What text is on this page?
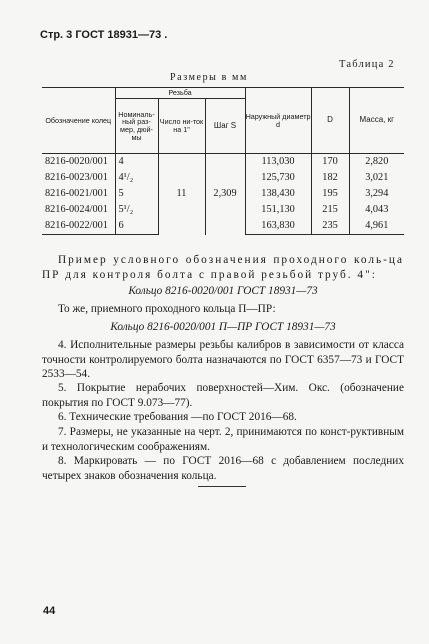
Стр. 3 ГОСТ 18931—73 .
Таблица 2
Размеры в мм
Обозначение колец	Резьба			Наружный диаметр d	D	Масса, кг
	Номиналь-ный раз-мер, дюй-мы	Число ни-ток на 1"	Шаг S			
8216-0020/001	4	11	2,309	113,030	170	2,820
8216-0023/001	4¹/₂			125,730	182	3,021
8216-0021/001	5			138,430	195	3,294
8216-0024/001	5¹/₂			151,130	215	4,043
8216-0022/001	6			163,830	235	4,961
Пример условного обозначения проходного коль-ца ПР для контроля болта с правой резьбой труб. 4":
Кольцо 8216-0020/001 ГОСТ 18931—73
То же, приемного проходного кольца П—ПР:
Кольцо 8216-0020/001 П—ПР ГОСТ 18931—73
4. Исполнительные размеры резьбы калибров в зависимости от класса точности контролируемого болта назначаются по ГОСТ 6357—73 и ГОСТ 2533—54.
5. Покрытие нерабочих поверхностей—Хим. Окс. (обозначение покрытия по ГОСТ 9.073—77).
6. Технические требования —по ГОСТ 2016—68.
7. Размеры, не указанные на черт. 2, принимаются по конст-руктивным и технологическим соображениям.
8. Маркировать — по ГОСТ 2016—68 с добавлением последних четырех знаков обозначения кольца.
44
